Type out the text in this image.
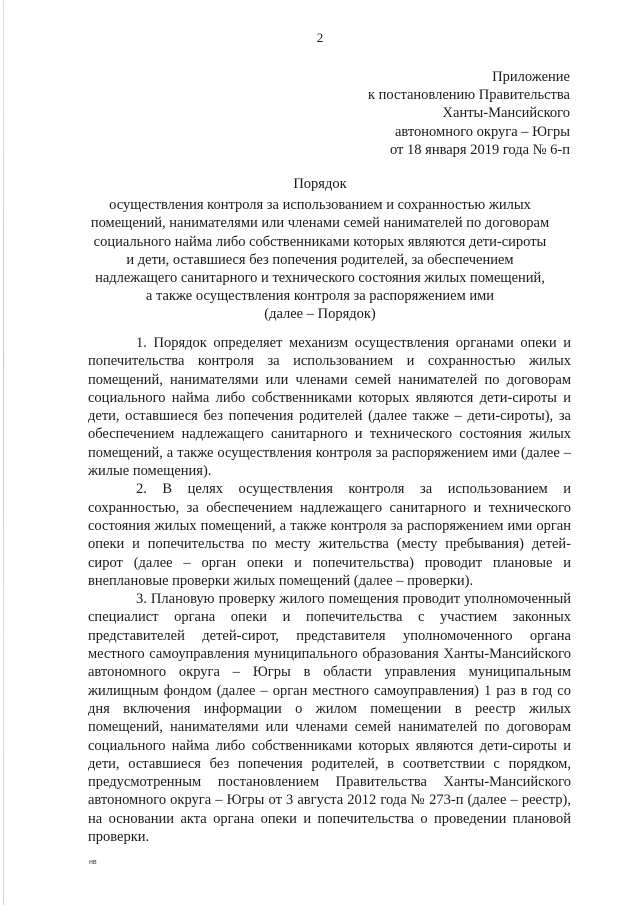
2
Приложение
к постановлению Правительства
Ханты-Мансийского
автономного округа – Югры
от 18 января 2019 года № 6-п
Порядок
осуществления контроля за использованием и сохранностью жилых
помещений, нанимателями или членами семей нанимателей по договорам
социального найма либо собственниками которых являются дети-сироты
и дети, оставшиеся без попечения родителей, за обеспечением
надлежащего санитарного и технического состояния жилых помещений,
а также осуществления контроля за распоряжением ими
(далее – Порядок)

1. Порядок определяет механизм осуществления органами опеки и попечительства контроля за использованием и сохранностью жилых помещений, нанимателями или членами семей нанимателей по договорам социального найма либо собственниками которых являются дети-сироты и дети, оставшиеся без попечения родителей (далее также – дети-сироты), за обеспечением надлежащего санитарного и технического состояния жилых помещений, а также осуществления контроля за распоряжением ими (далее – жилые помещения).

2. В целях осуществления контроля за использованием и сохранностью, за обеспечением надлежащего санитарного и технического состояния жилых помещений, а также контроля за распоряжением ими орган опеки и попечительства по месту жительства (месту пребывания) детей-сирот (далее – орган опеки и попечительства) проводит плановые и внеплановые проверки жилых помещений (далее – проверки).

3. Плановую проверку жилого помещения проводит уполномоченный специалист органа опеки и попечительства с участием законных представителей детей-сирот, представителя уполномоченного органа местного самоуправления муниципального образования Ханты-Мансийского автономного округа – Югры в области управления муниципальным жилищным фондом (далее – орган местного самоуправления) 1 раз в год со дня включения информации о жилом помещении в реестр жилых помещений, нанимателями или членами семей нанимателей по договорам социального найма либо собственниками которых являются дети-сироты и дети, оставшиеся без попечения родителей, в соответствии с порядком, предусмотренным постановлением Правительства Ханты-Мансийского автономного округа – Югры от 3 августа 2012 года № 273-п (далее – реестр), на основании акта органа опеки и попечительства о проведении плановой проверки.

нв
